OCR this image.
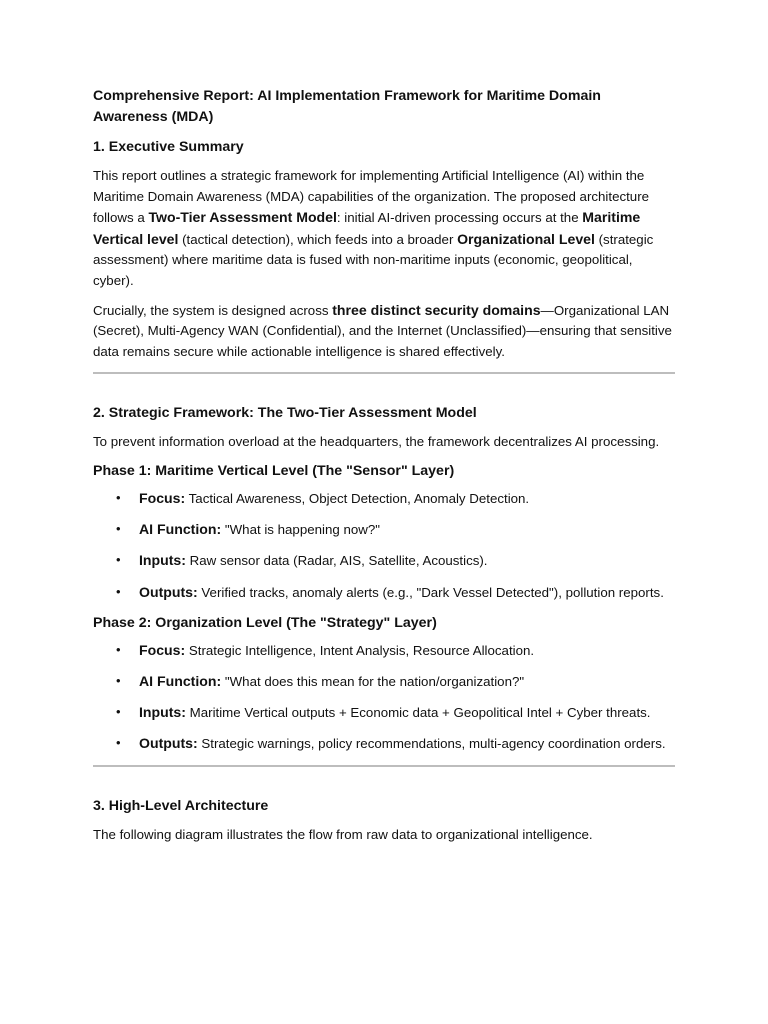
Comprehensive Report: AI Implementation Framework for Maritime Domain Awareness (MDA)
1. Executive Summary

This report outlines a strategic framework for implementing Artificial Intelligence (AI) within the Maritime Domain Awareness (MDA) capabilities of the organization. The proposed architecture follows a Two-Tier Assessment Model: initial AI-driven processing occurs at the Maritime Vertical level (tactical detection), which feeds into a broader Organizational Level (strategic assessment) where maritime data is fused with non-maritime inputs (economic, geopolitical, cyber).

Crucially, the system is designed across three distinct security domains—Organizational LAN (Secret), Multi-Agency WAN (Confidential), and the Internet (Unclassified)—ensuring that sensitive data remains secure while actionable intelligence is shared effectively.

2. Strategic Framework: The Two-Tier Assessment Model

To prevent information overload at the headquarters, the framework decentralizes AI processing.

Phase 1: Maritime Vertical Level (The "Sensor" Layer)
• Focus: Tactical Awareness, Object Detection, Anomaly Detection.
• AI Function: "What is happening now?"
• Inputs: Raw sensor data (Radar, AIS, Satellite, Acoustics).
• Outputs: Verified tracks, anomaly alerts (e.g., "Dark Vessel Detected"), pollution reports.
Phase 2: Organization Level (The "Strategy" Layer)
• Focus: Strategic Intelligence, Intent Analysis, Resource Allocation.
• AI Function: "What does this mean for the nation/organization?"
• Inputs: Maritime Vertical outputs + Economic data + Geopolitical Intel + Cyber threats.
• Outputs: Strategic warnings, policy recommendations, multi-agency coordination orders.
3. High-Level Architecture

The following diagram illustrates the flow from raw data to organizational intelligence.
